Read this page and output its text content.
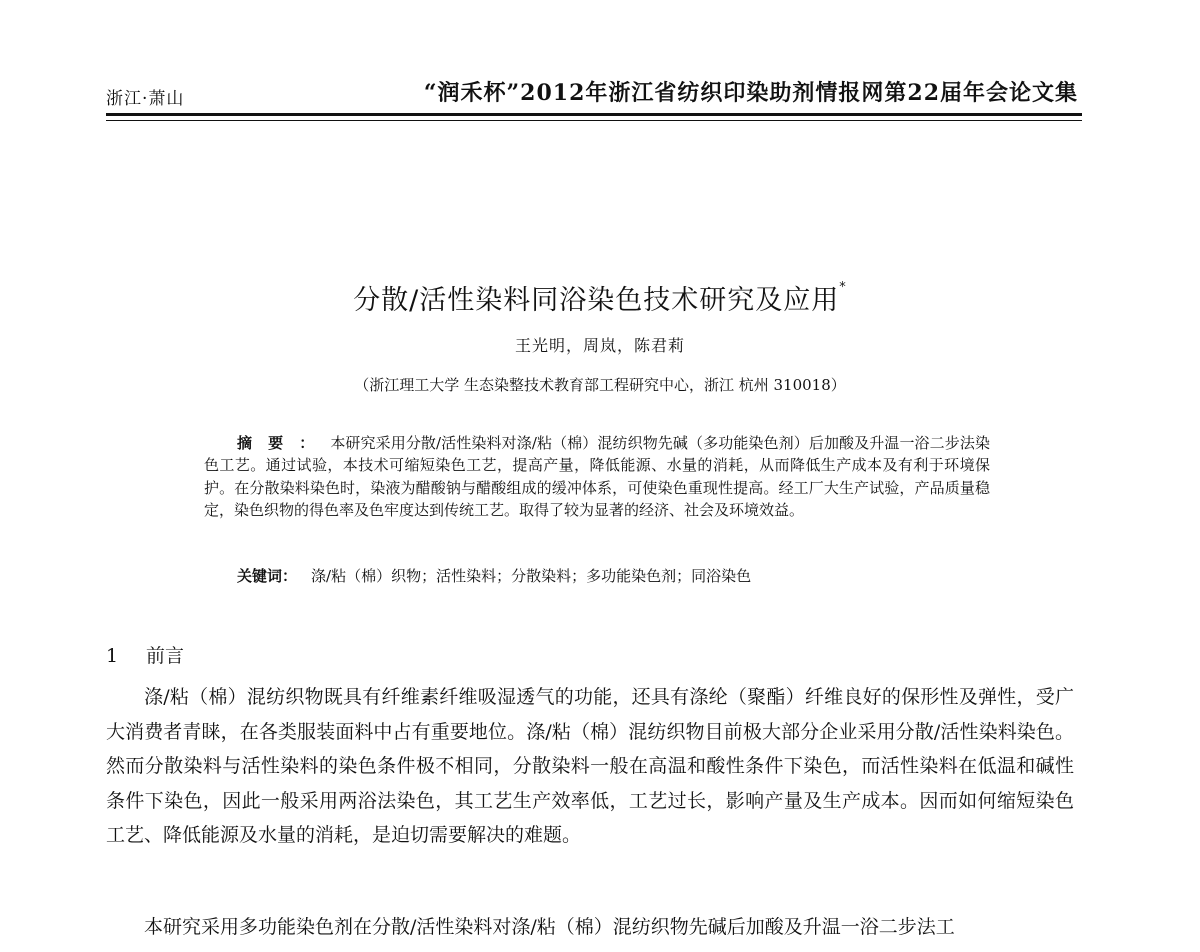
浙江·萧山	“润禾杯”2012年浙江省纺织印染助剂情报网第22届年会论文集
分散/活性染料同浴染色技术研究及应用*
王光明，周岚，陈君莉
（浙江理工大学 生态染整技术教育部工程研究中心，浙江 杭州 310018）
摘要：本研究采用分散/活性染料对涤/粘（棉）混纺织物先碱（多功能染色剂）后加酸及升温一浴二步法染色工艺。通过试验，本技术可缩短染色工艺，提高产量，降低能源、水量的消耗，从而降低生产成本及有利于环境保护。在分散染料染色时，染液为醋酸钠与醋酸组成的缓冲体系，可使染色重现性提高。经工厂大生产试验，产品质量稳定，染色织物的得色率及色牢度达到传统工艺。取得了较为显著的经济、社会及环境效益。
关键词： 涤/粘（棉）织物；活性染料；分散染料；多功能染色剂；同浴染色
1 前言

涤/粘（棉）混纺织物既具有纤维素纤维吸湿透气的功能，还具有涤纶（聚酯）纤维良好的保形性及弹性，受广大消费者青睐，在各类服装面料中占有重要地位。涤/粘（棉）混纺织物目前极大部分企业采用分散/活性染料染色。然而分散染料与活性染料的染色条件极不相同，分散染料一般在高温和酸性条件下染色，而活性染料在低温和碱性条件下染色，因此一般采用两浴法染色，其工艺生产效率低，工艺过长，影响产量及生产成本。因而如何缩短染色工艺、降低能源及水量的消耗，是迫切需要解决的难题。

本研究采用多功能染色剂在分散/活性染料对涤/粘（棉）混纺织物先碱后加酸及升温一浴二步法工
